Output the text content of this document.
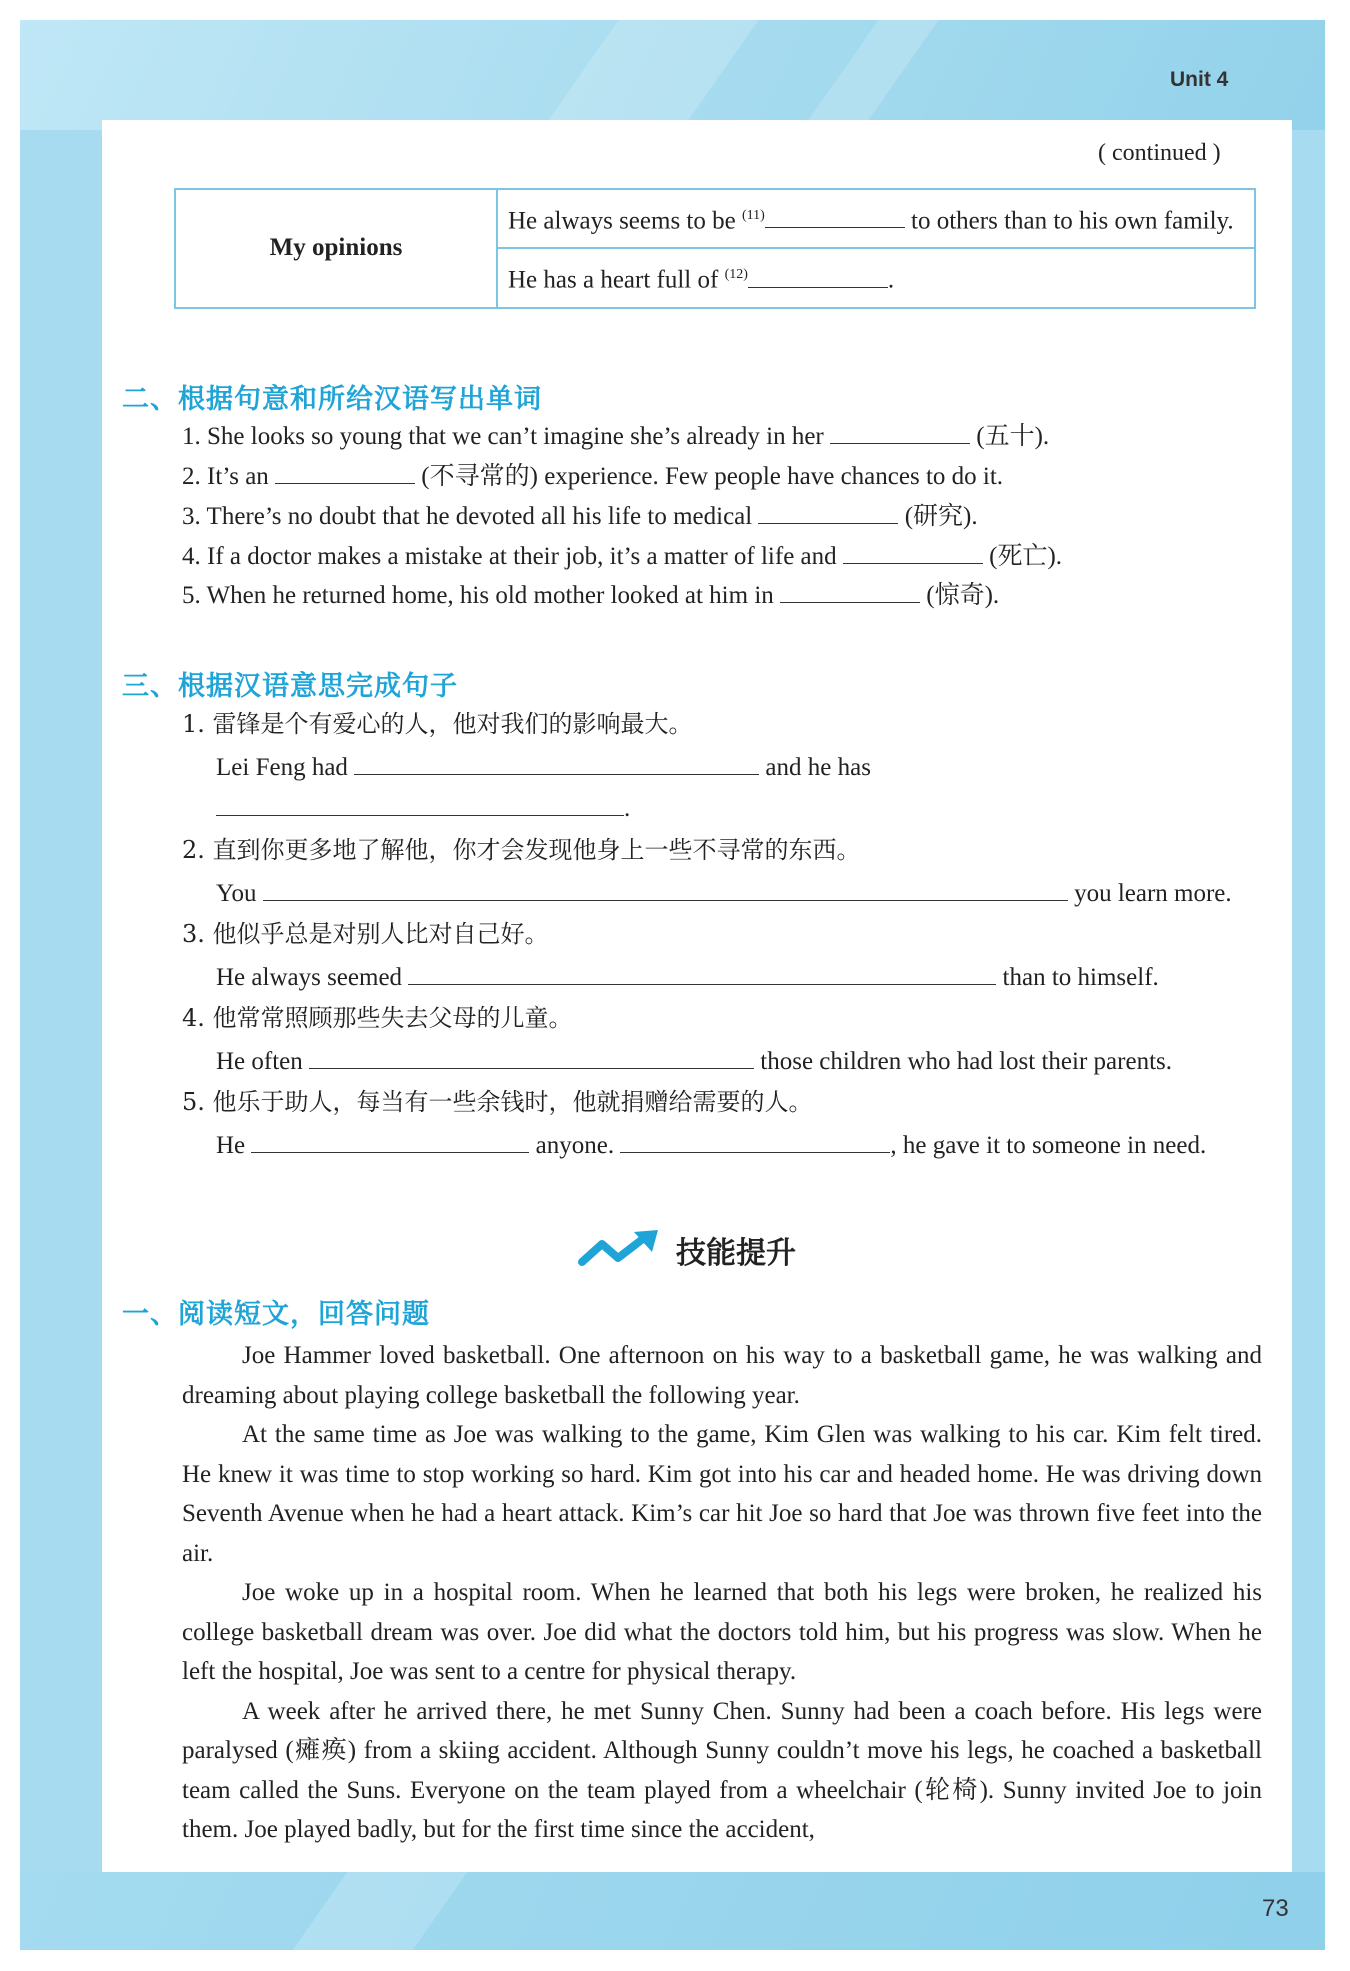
Unit 4
73
( continued )
My opinions	He always seems to be $^{(11)}$	to others than to his own family.
He has a heart full of $^{(12)}$	.
二、根据句意和所给汉语写出单词
1. She looks so young that we can’t imagine she’s already in her	(五十).
2. It’s an	(不寻常的) experience. Few people have chances to do it.
3. There’s no doubt that he devoted all his life to medical	(研究).
4. If a doctor makes a mistake at their job, it’s a matter of life and	(死亡).
5. When he returned home, his old mother looked at him in	(惊奇).
三、根据汉语意思完成句子
1. 雷锋是个有爱心的人，他对我们的影响最大。
Lei Feng had	and he has
.
2. 直到你更多地了解他，你才会发现他身上一些不寻常的东西。
You	you learn more.
3. 他似乎总是对别人比对自己好。
He always seemed	than to himself.
4. 他常常照顾那些失去父母的儿童。
He often	those children who had lost their parents.
5. 他乐于助人，每当有一些余钱时，他就捐赠给需要的人。
He	anyone.	, he gave it to someone in need.
技能提升
一、阅读短文，回答问题

Joe Hammer loved basketball. One afternoon on his way to a basketball game, he was walking and dreaming about playing college basketball the following year.

At the same time as Joe was walking to the game, Kim Glen was walking to his car. Kim felt tired. He knew it was time to stop working so hard. Kim got into his car and headed home. He was driving down Seventh Avenue when he had a heart attack. Kim’s car hit Joe so hard that Joe was thrown five feet into the air.

Joe woke up in a hospital room. When he learned that both his legs were broken, he realized his college basketball dream was over. Joe did what the doctors told him, but his progress was slow. When he left the hospital, Joe was sent to a centre for physical therapy.

A week after he arrived there, he met Sunny Chen. Sunny had been a coach before. His legs were paralysed (瘫痪) from a skiing accident. Although Sunny couldn’t move his legs, he coached a basketball team called the Suns. Everyone on the team played from a wheelchair (轮椅). Sunny invited Joe to join them. Joe played badly, but for the first time since the accident,
